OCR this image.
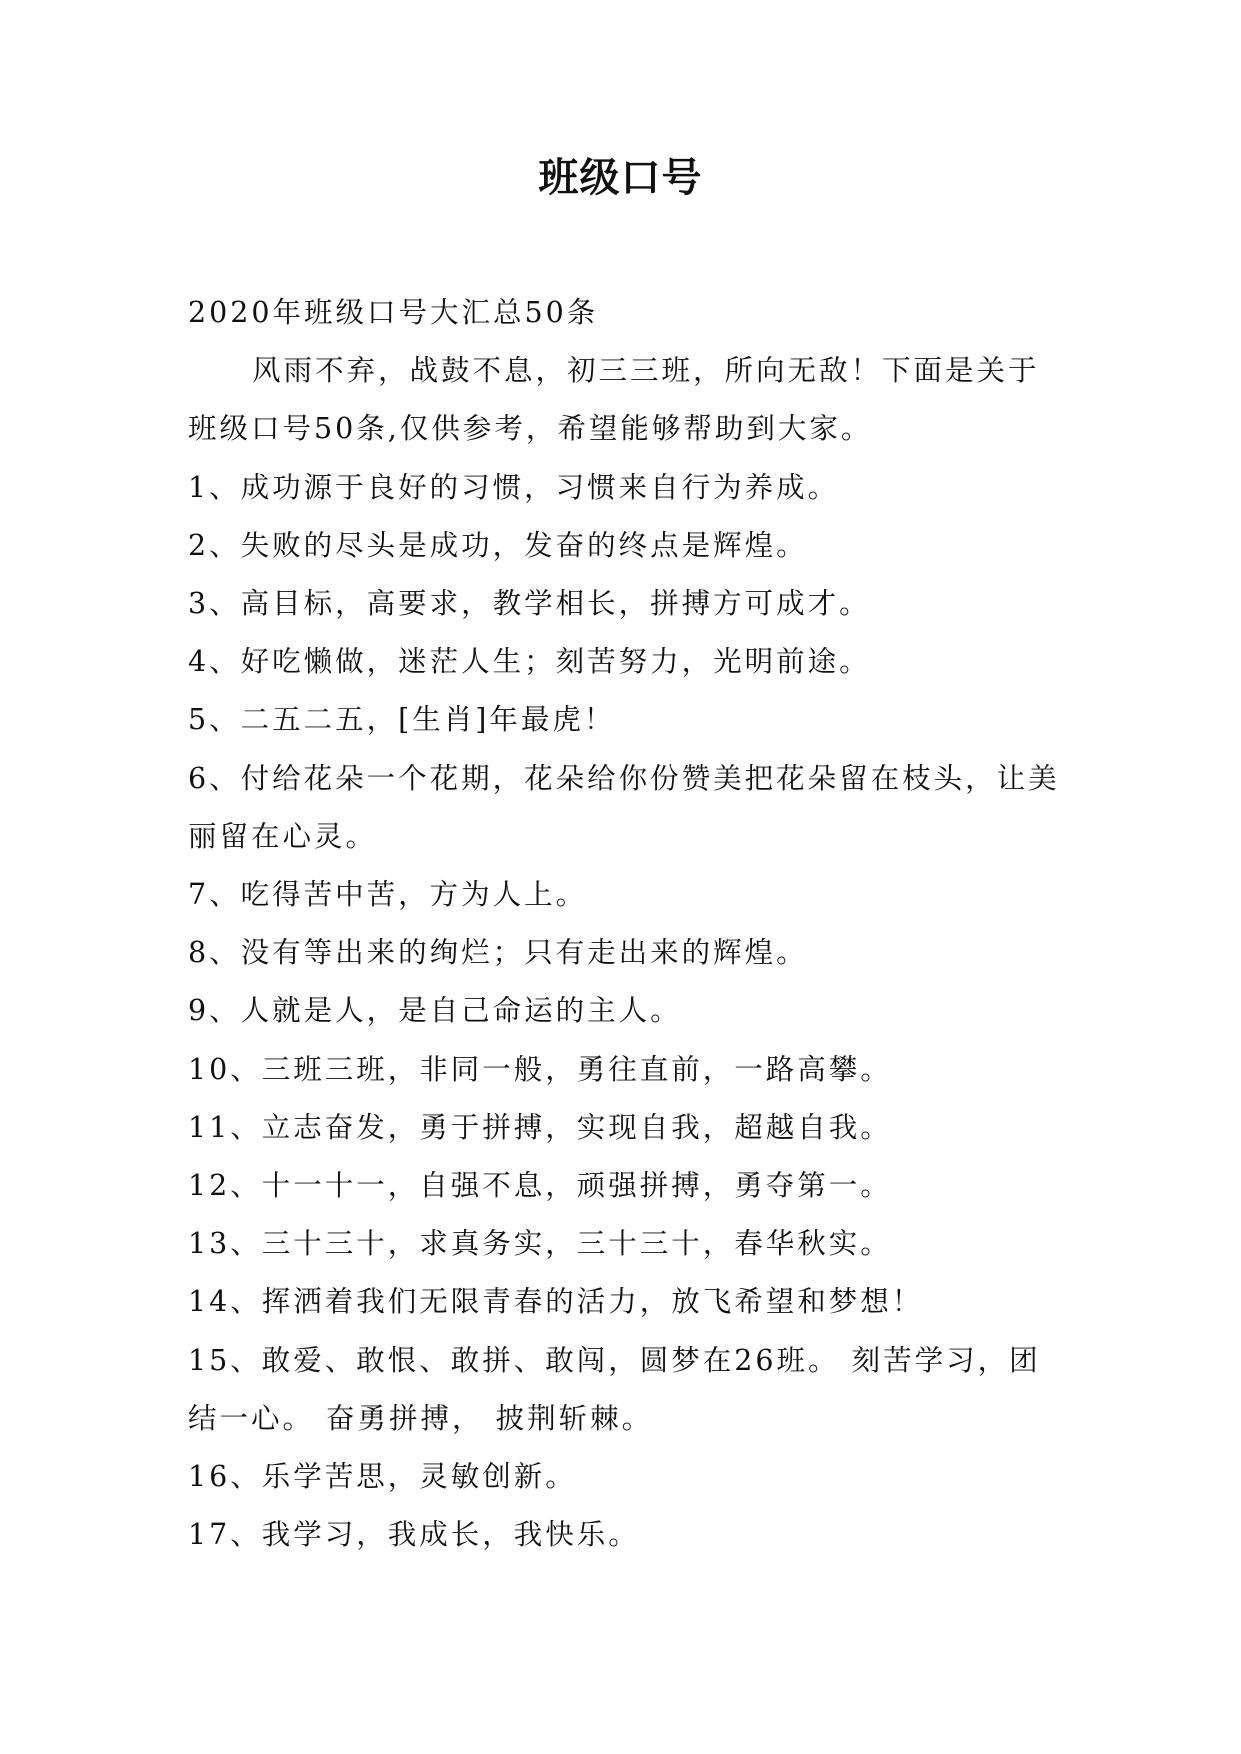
班级口号

2020年班级口号大汇总50条

风雨不弃，战鼓不息，初三三班，所向无敌！下面是关于班级口号50条,仅供参考，希望能够帮助到大家。

1、成功源于良好的习惯，习惯来自行为养成。

2、失败的尽头是成功，发奋的终点是辉煌。

3、高目标，高要求，教学相长，拼搏方可成才。

4、好吃懒做，迷茫人生；刻苦努力，光明前途。

5、二五二五，[生肖]年最虎！

6、付给花朵一个花期，花朵给你份赞美把花朵留在枝头，让美丽留在心灵。

7、吃得苦中苦，方为人上。

8、没有等出来的绚烂；只有走出来的辉煌。

9、人就是人，是自己命运的主人。

10、三班三班，非同一般，勇往直前，一路高攀。

11、立志奋发，勇于拼搏，实现自我，超越自我。

12、十一十一，自强不息，顽强拼搏，勇夺第一。

13、三十三十，求真务实，三十三十，春华秋实。

14、挥洒着我们无限青春的活力，放飞希望和梦想！

15、敢爱、敢恨、敢拼、敢闯，圆梦在26班。 刻苦学习，团结一心。 奋勇拼搏， 披荆斩棘。

16、乐学苦思，灵敏创新。

17、我学习，我成长，我快乐。
